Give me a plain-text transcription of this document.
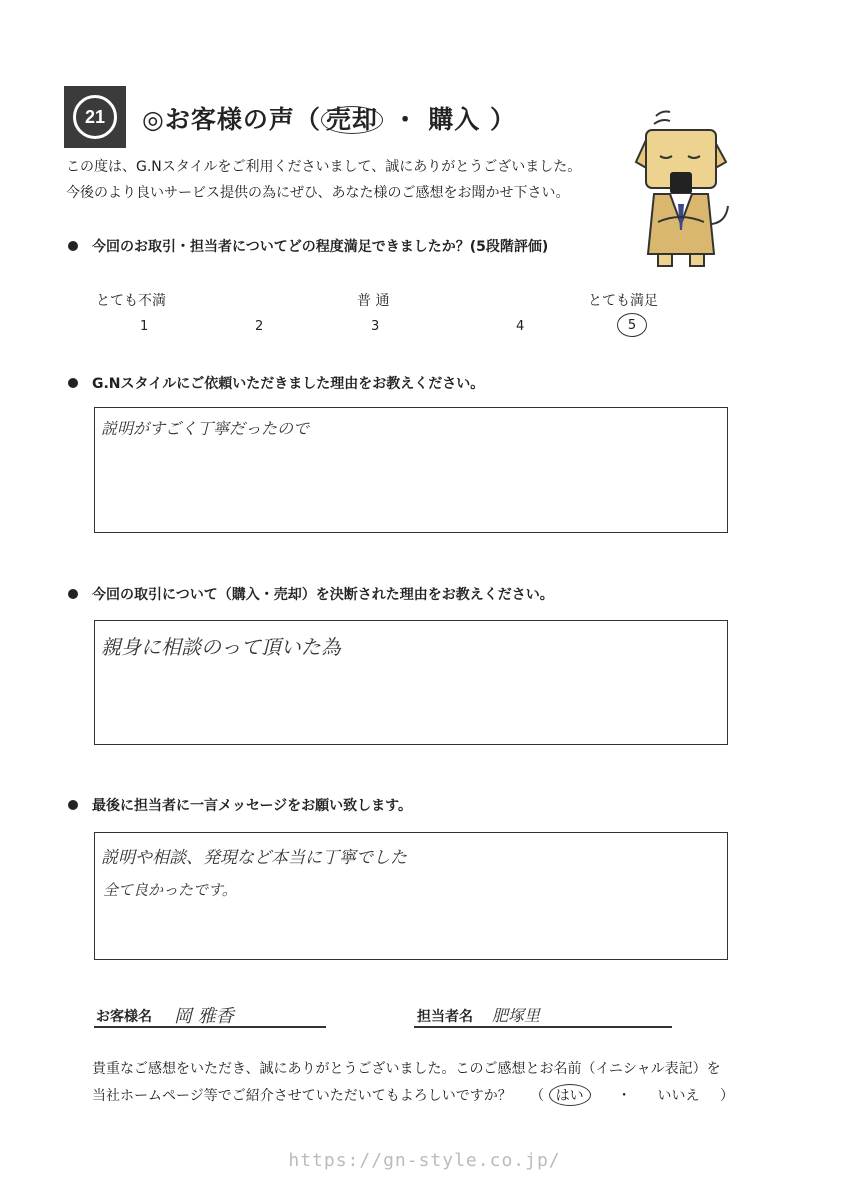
21	◎お客様の声（ 売却 ・ 購入 ）
この度は、G.Nスタイルをご利用くださいまして、誠にありがとうございました。
今後のより良いサービス提供の為にぜひ、あなた様のご感想をお聞かせ下さい。
今回のお取引・担当者についてどの程度満足できましたか？(5段階評価)
とても不満	普 通	とても満足
1	2	3	4	5
G.Nスタイルにご依頼いただきました理由をお教えください。
説明がすごく丁寧だったので
今回の取引について（購入・売却）を決断された理由をお教えください。
親身に相談のって頂いた為
最後に担当者に一言メッセージをお願い致します。
説明や相談、発現など本当に丁寧でした
全て良かったです。
お客様名 岡 雅香	担当者名 肥塚里
貴重なご感想をいただき、誠にありがとうございました。このご感想とお名前（イニシャル表記）を
当社ホームページ等でご紹介させていただいてもよろしいですか？ （ はい ・ いいえ ）
https://gn-style.co.jp/
